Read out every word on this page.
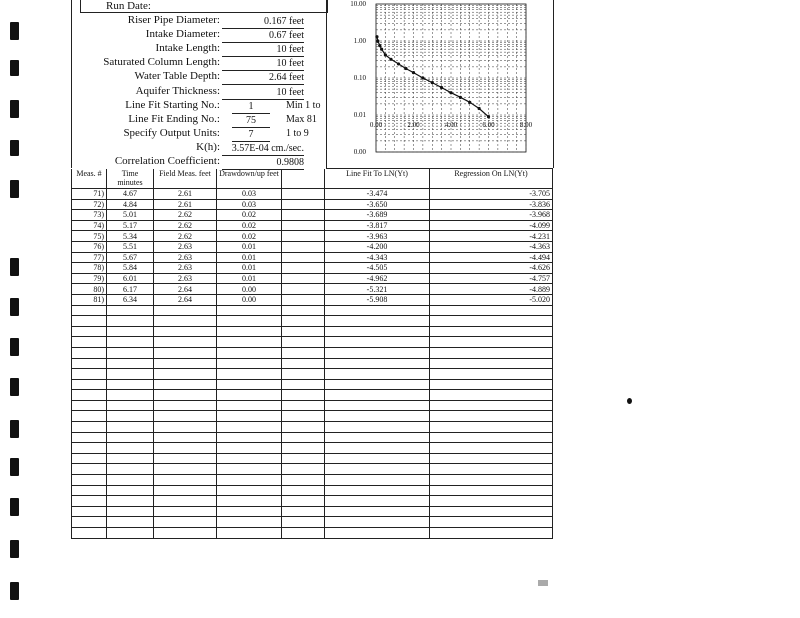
Run Date:
Riser Pipe Diameter:	0.167 feet
Intake Diameter:	0.67 feet
Intake Length:	10 feet
Saturated Column Length:	10 feet
Water Table Depth:	2.64 feet
Aquifer Thickness:	10 feet
Line Fit Starting No.:	1	Min 1 to
Line Fit Ending No.:	75	Max 81
Specify Output Units:	7	1 to 9
K(h):	3.57E-04 cm./sec.
Correlation Coefficient:	0.9808
10.00
1.00
0.10
0.01
0.00
0.00	2.00	4.00	6.00	8.00
Meas. #	Time minutes	Field Meas. feet	Drawdown/up feet		Line Fit To LN(Yt)	Regression On LN(Yt)
71)	4.67	2.61	0.03		-3.474	-3.705
72)	4.84	2.61	0.03		-3.650	-3.836
73)	5.01	2.62	0.02		-3.689	-3.968
74)	5.17	2.62	0.02		-3.817	-4.099
75)	5.34	2.62	0.02		-3.963	-4.231
76)	5.51	2.63	0.01		-4.200	-4.363
77)	5.67	2.63	0.01		-4.343	-4.494
78)	5.84	2.63	0.01		-4.505	-4.626
79)	6.01	2.63	0.01		-4.962	-4.757
80)	6.17	2.64	0.00		-5.321	-4.889
81)	6.34	2.64	0.00		-5.908	-5.020
